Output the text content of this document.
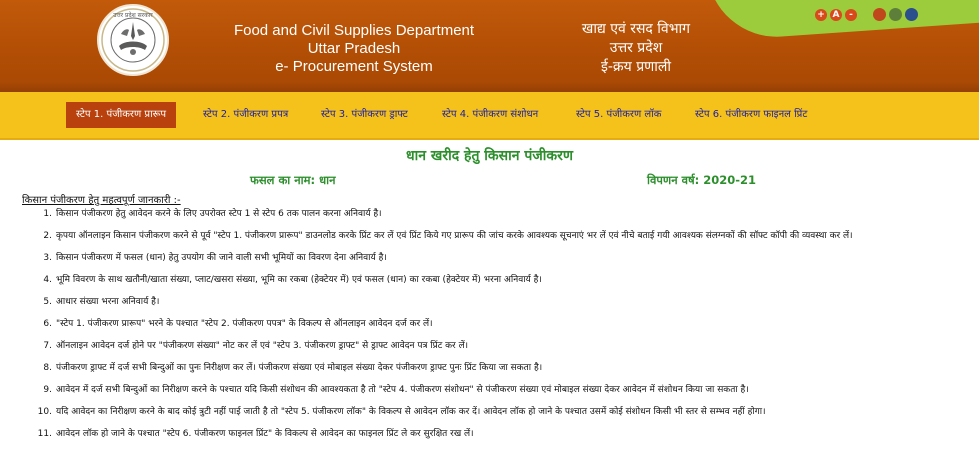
उत्तर प्रदेश सरकार
Food and Civil Supplies Department
Uttar Pradesh
e- Procurement System
खाद्य एवं रसद विभाग
उत्तर प्रदेश
ई-क्रय प्रणाली
+ A	-
स्टेप 1. पंजीकरण प्रारूप	स्टेप 2. पंजीकरण प्रपत्र	स्टेप 3. पंजीकरण ड्राफ्ट	स्टेप 4. पंजीकरण संशोधन	स्टेप 5. पंजीकरण लॉक	स्टेप 6. पंजीकरण फाइनल प्रिंट
धान खरीद हेतु किसान पंजीकरण
फसल का नाम: धान	विपणन वर्ष: 2020-21
किसान पंजीकरण हेतु महत्वपूर्ण जानकारी :-
1. किसान पंजीकरण हेतु आवेदन करने के लिए उपरोक्त स्टेप 1 से स्टेप 6 तक पालन करना अनिवार्य है।
2. कृपया ऑनलाइन किसान पंजीकरण करने से पूर्व "स्टेप 1. पंजीकरण प्रारूप" डाउनलोड करके प्रिंट कर लें एवं प्रिंट किये गए प्रारूप की जांच करके आवश्यक सूचनाएं भर लें एवं नीचे बताई गयी आवश्यक संलग्नकों की सॉफ्ट कॉपी की व्यवस्था कर लें।
3. किसान पंजीकरण में फसल (धान) हेतु उपयोग की जाने वाली सभी भूमियों का विवरण देना अनिवार्य है।
4. भूमि विवरण के साथ खतौनी/खाता संख्या, प्लाट/खसरा संख्या, भूमि का रकबा (हेक्टेयर में) एवं फसल (धान) का रकबा (हेक्टेयर में) भरना अनिवार्य है।
5. आधार संख्या भरना अनिवार्य है।
6. "स्टेप 1. पंजीकरण प्रारूप" भरने के पश्चात "स्टेप 2. पंजीकरण पपत्र" के विकल्प से ऑनलाइन आवेदन दर्ज कर लें।
7. ऑनलाइन आवेदन दर्ज होने पर "पंजीकरण संख्या" नोट कर लें एवं "स्टेप 3. पंजीकरण ड्राफ्ट" से ड्राफ्ट आवेदन पत्र प्रिंट कर लें।
8. पंजीकरण ड्राफ्ट में दर्ज सभी बिन्दुओं का पुनः निरीक्षण कर लें। पंजीकरण संख्या एवं मोबाइल संख्या देकर पंजीकरण ड्राफ्ट पुनः प्रिंट किया जा सकता है।
9. आवेदन में दर्ज सभी बिन्दुओं का निरीक्षण करने के पश्चात यदि किसी संशोधन की आवश्यकता है तो "स्टेप 4. पंजीकरण संशोधन" से पंजीकरण संख्या एवं मोबाइल संख्या देकर आवेदन में संशोधन किया जा सकता है।
10. यदि आवेदन का निरीक्षण करने के बाद कोई त्रुटी नहीं पाई जाती है तो "स्टेप 5. पंजीकरण लॉक" के विकल्प से आवेदन लॉक कर दें। आवेदन लॉक हो जाने के पश्चात उसमें कोई संशोधन किसी भी स्तर से सम्भव नहीं होगा।
11. आवेदन लॉक हो जाने के पश्चात "स्टेप 6. पंजीकरण फाइनल प्रिंट" के विकल्प से आवेदन का फाइनल प्रिंट ले कर सुरक्षित रख लें।
